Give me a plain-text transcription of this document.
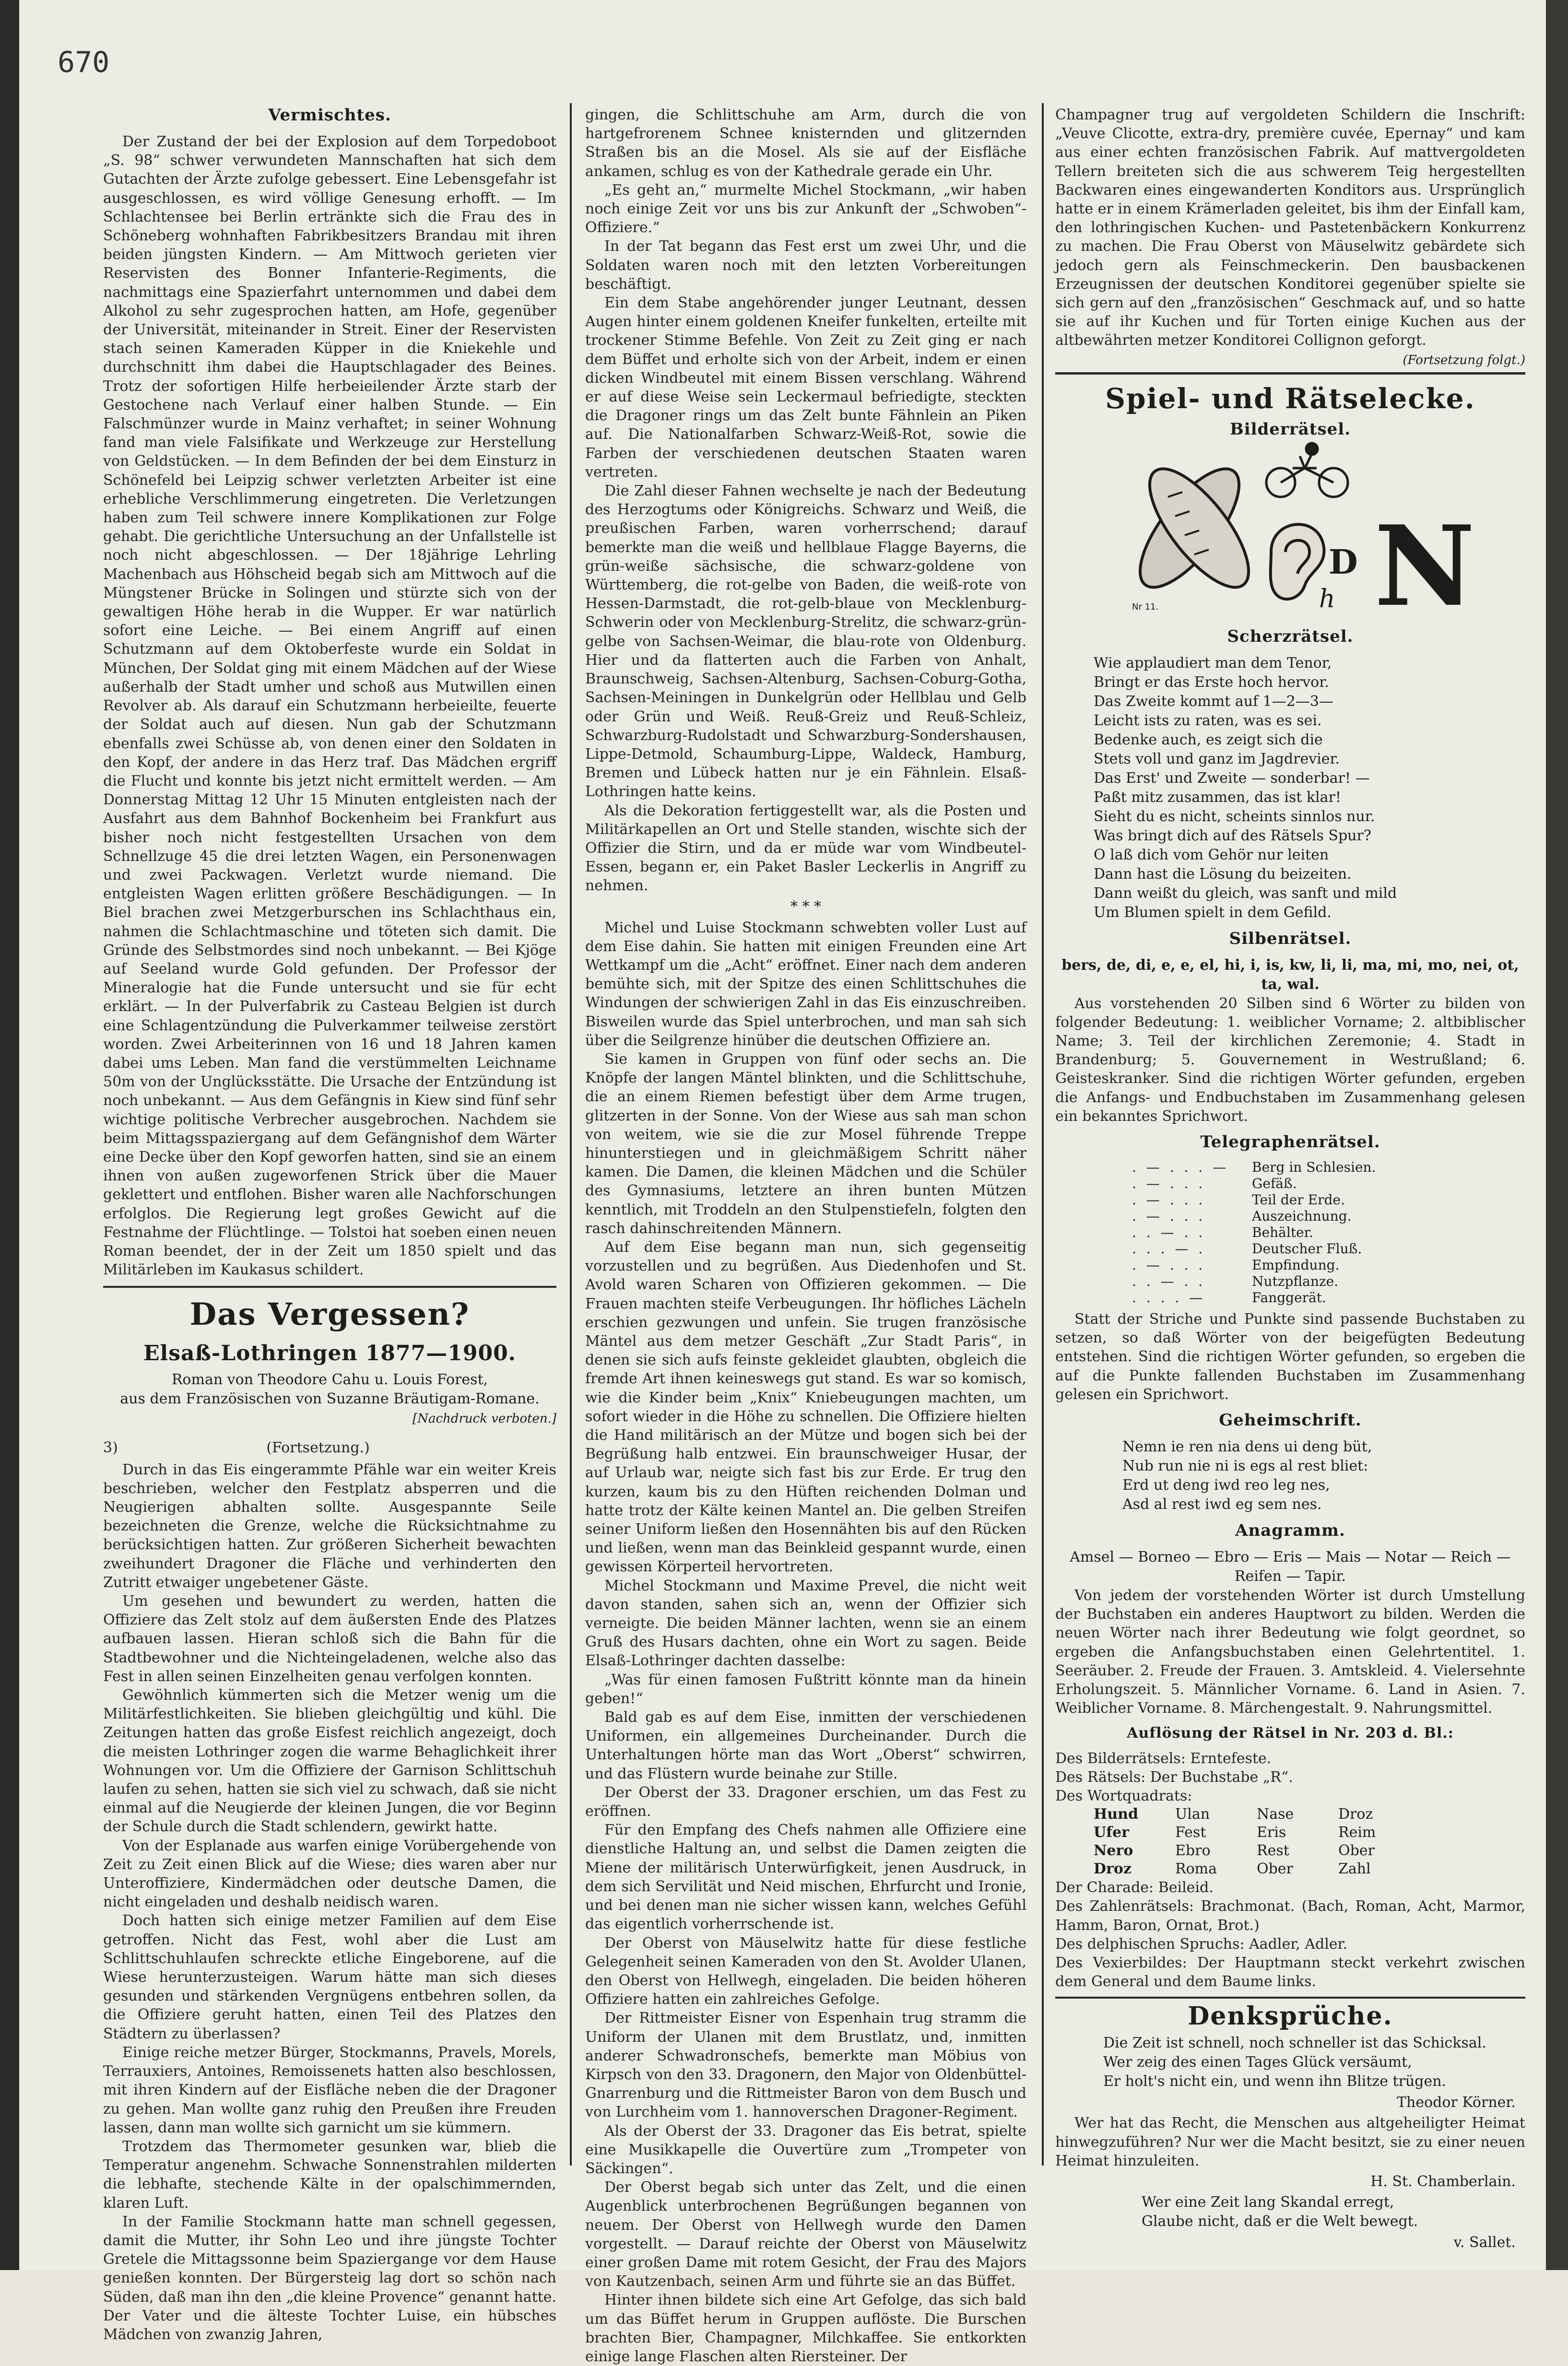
670
Vermischtes.

Der Zustand der bei der Explosion auf dem Torpedoboot „S. 98“ schwer verwundeten Mannschaften hat sich dem Gutachten der Ärzte zufolge gebessert. Eine Lebensgefahr ist ausgeschlossen, es wird völlige Genesung erhofft. — Im Schlachtensee bei Berlin ertränkte sich die Frau des in Schöneberg wohnhaften Fabrikbesitzers Brandau mit ihren beiden jüngsten Kindern. — Am Mittwoch gerieten vier Reservisten des Bonner Infanterie-Regiments, die nachmittags eine Spazierfahrt unternommen und dabei dem Alkohol zu sehr zugesprochen hatten, am Hofe, gegenüber der Universität, miteinander in Streit. Einer der Reservisten stach seinen Kameraden Küpper in die Kniekehle und durchschnitt ihm dabei die Hauptschlagader des Beines. Trotz der sofortigen Hilfe herbeieilender Ärzte starb der Gestochene nach Verlauf einer halben Stunde. — Ein Falschmünzer wurde in Mainz verhaftet; in seiner Wohnung fand man viele Falsifikate und Werkzeuge zur Herstellung von Geldstücken. — In dem Befinden der bei dem Einsturz in Schönefeld bei Leipzig schwer verletzten Arbeiter ist eine erhebliche Verschlimmerung eingetreten. Die Verletzungen haben zum Teil schwere innere Komplikationen zur Folge gehabt. Die gerichtliche Untersuchung an der Unfallstelle ist noch nicht abgeschlossen. — Der 18jährige Lehrling Machenbach aus Höhscheid begab sich am Mittwoch auf die Müngstener Brücke in Solingen und stürzte sich von der gewaltigen Höhe herab in die Wupper. Er war natürlich sofort eine Leiche. — Bei einem Angriff auf einen Schutzmann auf dem Oktoberfeste wurde ein Soldat in München, Der Soldat ging mit einem Mädchen auf der Wiese außerhalb der Stadt umher und schoß aus Mutwillen einen Revolver ab. Als darauf ein Schutzmann herbeieilte, feuerte der Soldat auch auf diesen. Nun gab der Schutzmann ebenfalls zwei Schüsse ab, von denen einer den Soldaten in den Kopf, der andere in das Herz traf. Das Mädchen ergriff die Flucht und konnte bis jetzt nicht ermittelt werden. — Am Donnerstag Mittag 12 Uhr 15 Minuten entgleisten nach der Ausfahrt aus dem Bahnhof Bockenheim bei Frankfurt aus bisher noch nicht festgestellten Ursachen von dem Schnellzuge 45 die drei letzten Wagen, ein Personenwagen und zwei Packwagen. Verletzt wurde niemand. Die entgleisten Wagen erlitten größere Beschädigungen. — In Biel brachen zwei Metzgerburschen ins Schlachthaus ein, nahmen die Schlachtmaschine und töteten sich damit. Die Gründe des Selbstmordes sind noch unbekannt. — Bei Kjöge auf Seeland wurde Gold gefunden. Der Professor der Mineralogie hat die Funde untersucht und sie für echt erklärt. — In der Pulverfabrik zu Casteau Belgien ist durch eine Schlagentzündung die Pulverkammer teilweise zerstört worden. Zwei Arbeiterinnen von 16 und 18 Jahren kamen dabei ums Leben. Man fand die verstümmelten Leichname 50m von der Unglücksstätte. Die Ursache der Entzündung ist noch unbekannt. — Aus dem Gefängnis in Kiew sind fünf sehr wichtige politische Verbrecher ausgebrochen. Nachdem sie beim Mittagsspaziergang auf dem Gefängnishof dem Wärter eine Decke über den Kopf geworfen hatten, sind sie an einem ihnen von außen zugeworfenen Strick über die Mauer geklettert und entflohen. Bisher waren alle Nachforschungen erfolglos. Die Regierung legt großes Gewicht auf die Festnahme der Flüchtlinge. — Tolstoi hat soeben einen neuen Roman beendet, der in der Zeit um 1850 spielt und das Militärleben im Kaukasus schildert.

Das Vergessen?
Elsaß-Lothringen 1877—1900.

Roman von Theodore Cahu u. Louis Forest,

aus dem Französischen von Suzanne Bräutigam-Romane.

[Nachdruck verboten.]

3)	(Fortsetzung.)

Durch in das Eis eingerammte Pfähle war ein weiter Kreis beschrieben, welcher den Festplatz absperren und die Neugierigen abhalten sollte. Ausgespannte Seile bezeichneten die Grenze, welche die Rücksichtnahme zu berücksichtigen hatten. Zur größeren Sicherheit bewachten zweihundert Dragoner die Fläche und verhinderten den Zutritt etwaiger ungebetener Gäste.

Um gesehen und bewundert zu werden, hatten die Offiziere das Zelt stolz auf dem äußersten Ende des Platzes aufbauen lassen. Hieran schloß sich die Bahn für die Stadtbewohner und die Nichteingeladenen, welche also das Fest in allen seinen Einzelheiten genau verfolgen konnten.

Gewöhnlich kümmerten sich die Metzer wenig um die Militärfestlichkeiten. Sie blieben gleichgültig und kühl. Die Zeitungen hatten das große Eisfest reichlich angezeigt, doch die meisten Lothringer zogen die warme Behaglichkeit ihrer Wohnungen vor. Um die Offiziere der Garnison Schlittschuh laufen zu sehen, hatten sie sich viel zu schwach, daß sie nicht einmal auf die Neugierde der kleinen Jungen, die vor Beginn der Schule durch die Stadt schlendern, gewirkt hatte.

Von der Esplanade aus warfen einige Vorübergehende von Zeit zu Zeit einen Blick auf die Wiese; dies waren aber nur Unteroffiziere, Kindermädchen oder deutsche Damen, die nicht eingeladen und deshalb neidisch waren.

Doch hatten sich einige metzer Familien auf dem Eise getroffen. Nicht das Fest, wohl aber die Lust am Schlittschuhlaufen schreckte etliche Eingeborene, auf die Wiese herunterzusteigen. Warum hätte man sich dieses gesunden und stärkenden Vergnügens entbehren sollen, da die Offiziere geruht hatten, einen Teil des Platzes den Städtern zu überlassen?

Einige reiche metzer Bürger, Stockmanns, Pravels, Morels, Terrauxiers, Antoines, Remoissenets hatten also beschlossen, mit ihren Kindern auf der Eisfläche neben die der Dragoner zu gehen. Man wollte ganz ruhig den Preußen ihre Freuden lassen, dann man wollte sich garnicht um sie kümmern.

Trotzdem das Thermometer gesunken war, blieb die Temperatur angenehm. Schwache Sonnenstrahlen milderten die lebhafte, stechende Kälte in der opalschimmernden, klaren Luft.

In der Familie Stockmann hatte man schnell gegessen, damit die Mutter, ihr Sohn Leo und ihre jüngste Tochter Gretele die Mittagssonne beim Spaziergange vor dem Hause genießen konnten. Der Bürgersteig lag dort so schön nach Süden, daß man ihn den „die kleine Provence“ genannt hatte. Der Vater und die älteste Tochter Luise, ein hübsches Mädchen von zwanzig Jahren,

gingen, die Schlittschuhe am Arm, durch die von hartgefrorenem Schnee knisternden und glitzernden Straßen bis an die Mosel. Als sie auf der Eisfläche ankamen, schlug es von der Kathedrale gerade ein Uhr.

„Es geht an,“ murmelte Michel Stockmann, „wir haben noch einige Zeit vor uns bis zur Ankunft der „Schwoben“-Offiziere.“

In der Tat begann das Fest erst um zwei Uhr, und die Soldaten waren noch mit den letzten Vorbereitungen beschäftigt.

Ein dem Stabe angehörender junger Leutnant, dessen Augen hinter einem goldenen Kneifer funkelten, erteilte mit trockener Stimme Befehle. Von Zeit zu Zeit ging er nach dem Büffet und erholte sich von der Arbeit, indem er einen dicken Windbeutel mit einem Bissen verschlang. Während er auf diese Weise sein Leckermaul befriedigte, steckten die Dragoner rings um das Zelt bunte Fähnlein an Piken auf. Die Nationalfarben Schwarz-Weiß-Rot, sowie die Farben der verschiedenen deutschen Staaten waren vertreten.

Die Zahl dieser Fahnen wechselte je nach der Bedeutung des Herzogtums oder Königreichs. Schwarz und Weiß, die preußischen Farben, waren vorherrschend; darauf bemerkte man die weiß und hellblaue Flagge Bayerns, die grün-weiße sächsische, die schwarz-goldene von Württemberg, die rot-gelbe von Baden, die weiß-rote von Hessen-Darmstadt, die rot-gelb-blaue von Mecklenburg-Schwerin oder von Mecklenburg-Strelitz, die schwarz-grün-gelbe von Sachsen-Weimar, die blau-rote von Oldenburg. Hier und da flatterten auch die Farben von Anhalt, Braunschweig, Sachsen-Altenburg, Sachsen-Coburg-Gotha, Sachsen-Meiningen in Dunkelgrün oder Hellblau und Gelb oder Grün und Weiß. Reuß-Greiz und Reuß-Schleiz, Schwarzburg-Rudolstadt und Schwarzburg-Sondershausen, Lippe-Detmold, Schaumburg-Lippe, Waldeck, Hamburg, Bremen und Lübeck hatten nur je ein Fähnlein. Elsaß-Lothringen hatte keins.

Als die Dekoration fertiggestellt war, als die Posten und Militärkapellen an Ort und Stelle standen, wischte sich der Offizier die Stirn, und da er müde war vom Windbeutel-Essen, begann er, ein Paket Basler Leckerlis in Angriff zu nehmen.

* * *

Michel und Luise Stockmann schwebten voller Lust auf dem Eise dahin. Sie hatten mit einigen Freunden eine Art Wettkampf um die „Acht“ eröffnet. Einer nach dem anderen bemühte sich, mit der Spitze des einen Schlittschuhes die Windungen der schwierigen Zahl in das Eis einzuschreiben. Bisweilen wurde das Spiel unterbrochen, und man sah sich über die Seilgrenze hinüber die deutschen Offiziere an.

Sie kamen in Gruppen von fünf oder sechs an. Die Knöpfe der langen Mäntel blinkten, und die Schlittschuhe, die an einem Riemen befestigt über dem Arme trugen, glitzerten in der Sonne. Von der Wiese aus sah man schon von weitem, wie sie die zur Mosel führende Treppe hinunterstiegen und in gleichmäßigem Schritt näher kamen. Die Damen, die kleinen Mädchen und die Schüler des Gymnasiums, letztere an ihren bunten Mützen kenntlich, mit Troddeln an den Stulpenstiefeln, folgten den rasch dahinschreitenden Männern.

Auf dem Eise begann man nun, sich gegenseitig vorzustellen und zu begrüßen. Aus Diedenhofen und St. Avold waren Scharen von Offizieren gekommen. — Die Frauen machten steife Verbeugungen. Ihr höfliches Lächeln erschien gezwungen und unfein. Sie trugen französische Mäntel aus dem metzer Geschäft „Zur Stadt Paris“, in denen sie sich aufs feinste gekleidet glaubten, obgleich die fremde Art ihnen keineswegs gut stand. Es war so komisch, wie die Kinder beim „Knix“ Kniebeugungen machten, um sofort wieder in die Höhe zu schnellen. Die Offiziere hielten die Hand militärisch an der Mütze und bogen sich bei der Begrüßung halb entzwei. Ein braunschweiger Husar, der auf Urlaub war, neigte sich fast bis zur Erde. Er trug den kurzen, kaum bis zu den Hüften reichenden Dolman und hatte trotz der Kälte keinen Mantel an. Die gelben Streifen seiner Uniform ließen den Hosennähten bis auf den Rücken und ließen, wenn man das Beinkleid gespannt wurde, einen gewissen Körperteil hervortreten.

Michel Stockmann und Maxime Prevel, die nicht weit davon standen, sahen sich an, wenn der Offizier sich verneigte. Die beiden Männer lachten, wenn sie an einem Gruß des Husars dachten, ohne ein Wort zu sagen. Beide Elsaß-Lothringer dachten dasselbe:

„Was für einen famosen Fußtritt könnte man da hinein geben!“

Bald gab es auf dem Eise, inmitten der verschiedenen Uniformen, ein allgemeines Durcheinander. Durch die Unterhaltungen hörte man das Wort „Oberst“ schwirren, und das Flüstern wurde beinahe zur Stille.

Der Oberst der 33. Dragoner erschien, um das Fest zu eröffnen.

Für den Empfang des Chefs nahmen alle Offiziere eine dienstliche Haltung an, und selbst die Damen zeigten die Miene der militärisch Unterwürfigkeit, jenen Ausdruck, in dem sich Servilität und Neid mischen, Ehrfurcht und Ironie, und bei denen man nie sicher wissen kann, welches Gefühl das eigentlich vorherrschende ist.

Der Oberst von Mäuselwitz hatte für diese festliche Gelegenheit seinen Kameraden von den St. Avolder Ulanen, den Oberst von Hellwegh, eingeladen. Die beiden höheren Offiziere hatten ein zahlreiches Gefolge.

Der Rittmeister Eisner von Espenhain trug stramm die Uniform der Ulanen mit dem Brustlatz, und, inmitten anderer Schwadronschefs, bemerkte man Möbius von Kirpsch von den 33. Dragonern, den Major von Oldenbüttel-Gnarrenburg und die Rittmeister Baron von dem Busch und von Lurchheim vom 1. hannoverschen Dragoner-Regiment.

Als der Oberst der 33. Dragoner das Eis betrat, spielte eine Musikkapelle die Ouvertüre zum „Trompeter von Säckingen“.

Der Oberst begab sich unter das Zelt, und die einen Augenblick unterbrochenen Begrüßungen begannen von neuem. Der Oberst von Hellwegh wurde den Damen vorgestellt. — Darauf reichte der Oberst von Mäuselwitz einer großen Dame mit rotem Gesicht, der Frau des Majors von Kautzenbach, seinen Arm und führte sie an das Büffet.

Hinter ihnen bildete sich eine Art Gefolge, das sich bald um das Büffet herum in Gruppen auflöste. Die Burschen brachten Bier, Champagner, Milchkaffee. Sie entkorkten einige lange Flaschen alten Riersteiner. Der

Champagner trug auf vergoldeten Schildern die Inschrift: „Veuve Clicotte, extra-dry, première cuvée, Epernay“ und kam aus einer echten französischen Fabrik. Auf mattvergoldeten Tellern breiteten sich die aus schwerem Teig hergestellten Backwaren eines eingewanderten Konditors aus. Ursprünglich hatte er in einem Krämerladen geleitet, bis ihm der Einfall kam, den lothringischen Kuchen- und Pastetenbäckern Konkurrenz zu machen. Die Frau Oberst von Mäuselwitz gebärdete sich jedoch gern als Feinschmeckerin. Den bausbackenen Erzeugnissen der deutschen Konditorei gegenüber spielte sie sich gern auf den „französischen“ Geschmack auf, und so hatte sie auf ihr Kuchen und für Torten einige Kuchen aus der altbewährten metzer Konditorei Collignon geforgt.

(Fortsetzung folgt.)

Spiel- und Rätselecke.
Bilderrätsel.
D N
h
Nr 11.
Scherzrätsel.
Wie applaudiert man dem Tenor,
Bringt er das Erste hoch hervor.
Das Zweite kommt auf 1—2—3—
Leicht ists zu raten, was es sei.
Bedenke auch, es zeigt sich die
Stets voll und ganz im Jagdrevier.
Das Erst' und Zweite — sonderbar! —
Paßt mitz zusammen, das ist klar!
Sieht du es nicht, scheints sinnlos nur.
Was bringt dich auf des Rätsels Spur?
O laß dich vom Gehör nur leiten
Dann hast die Lösung du beizeiten.
Dann weißt du gleich, was sanft und mild
Um Blumen spielt in dem Gefild.
Silbenrätsel.

bers, de, di, e, e, el, hi, i, is, kw, li, li, ma, mi, mo, nei, ot, ta, wal.

Aus vorstehenden 20 Silben sind 6 Wörter zu bilden von folgender Bedeutung: 1. weiblicher Vorname; 2. altbiblischer Name; 3. Teil der kirchlichen Zeremonie; 4. Stadt in Brandenburg; 5. Gouvernement in Westrußland; 6. Geisteskranker. Sind die richtigen Wörter gefunden, ergeben die Anfangs- und Endbuchstaben im Zusammenhang gelesen ein bekanntes Sprichwort.

Telegraphenrätsel.
. — . . . —	Berg in Schlesien.
. — . . .	Gefäß.
. — . . .	Teil der Erde.
. — . . .	Auszeichnung.
. . — . .	Behälter.
. . . — .	Deutscher Fluß.
. — . . .	Empfindung.
. . — . .	Nutzpflanze.
. . . . —	Fanggerät.

Statt der Striche und Punkte sind passende Buchstaben zu setzen, so daß Wörter von der beigefügten Bedeutung entstehen. Sind die richtigen Wörter gefunden, so ergeben die auf die Punkte fallenden Buchstaben im Zusammenhang gelesen ein Sprichwort.

Geheimschrift.
Nemn ie ren nia dens ui deng büt,
Nub run nie ni is egs al rest bliet:
Erd ut deng iwd reo leg nes,
Asd al rest iwd eg sem nes.
Anagramm.

Amsel — Borneo — Ebro — Eris — Mais — Notar — Reich — Reifen — Tapir.

Von jedem der vorstehenden Wörter ist durch Umstellung der Buchstaben ein anderes Hauptwort zu bilden. Werden die neuen Wörter nach ihrer Bedeutung wie folgt geordnet, so ergeben die Anfangsbuchstaben einen Gelehrtentitel. 1. Seeräuber. 2. Freude der Frauen. 3. Amtskleid. 4. Vielersehnte Erholungszeit. 5. Männlicher Vorname. 6. Land in Asien. 7. Weiblicher Vorname. 8. Märchengestalt. 9. Nahrungsmittel.

Auflösung der Rätsel in Nr. 203 d. Bl.:
Des Bilderrätsels: Erntefeste.
Des Rätsels: Der Buchstabe „R“.
Des Wortquadrats:
Hund	Ulan	Nase	Droz
Ufer	Fest	Eris	Reim
Nero	Ebro	Rest	Ober
Droz	Roma	Ober	Zahl
Der Charade: Beileid.
Des Zahlenrätsels: Brachmonat. (Bach, Roman, Acht, Marmor, Hamm, Baron, Ornat, Brot.)
Des delphischen Spruchs: Aadler, Adler.
Des Vexierbildes: Der Hauptmann steckt verkehrt zwischen dem General und dem Baume links.
Denksprüche.
Die Zeit ist schnell, noch schneller ist das Schicksal.
Wer zeig des einen Tages Glück versäumt,
Er holt's nicht ein, und wenn ihn Blitze trügen.
Theodor Körner.

Wer hat das Recht, die Menschen aus altgeheiligter Heimat hinwegzuführen? Nur wer die Macht besitzt, sie zu einer neuen Heimat hinzuleiten.

H. St. Chamberlain.
Wer eine Zeit lang Skandal erregt,
Glaube nicht, daß er die Welt bewegt.
v. Sallet.
